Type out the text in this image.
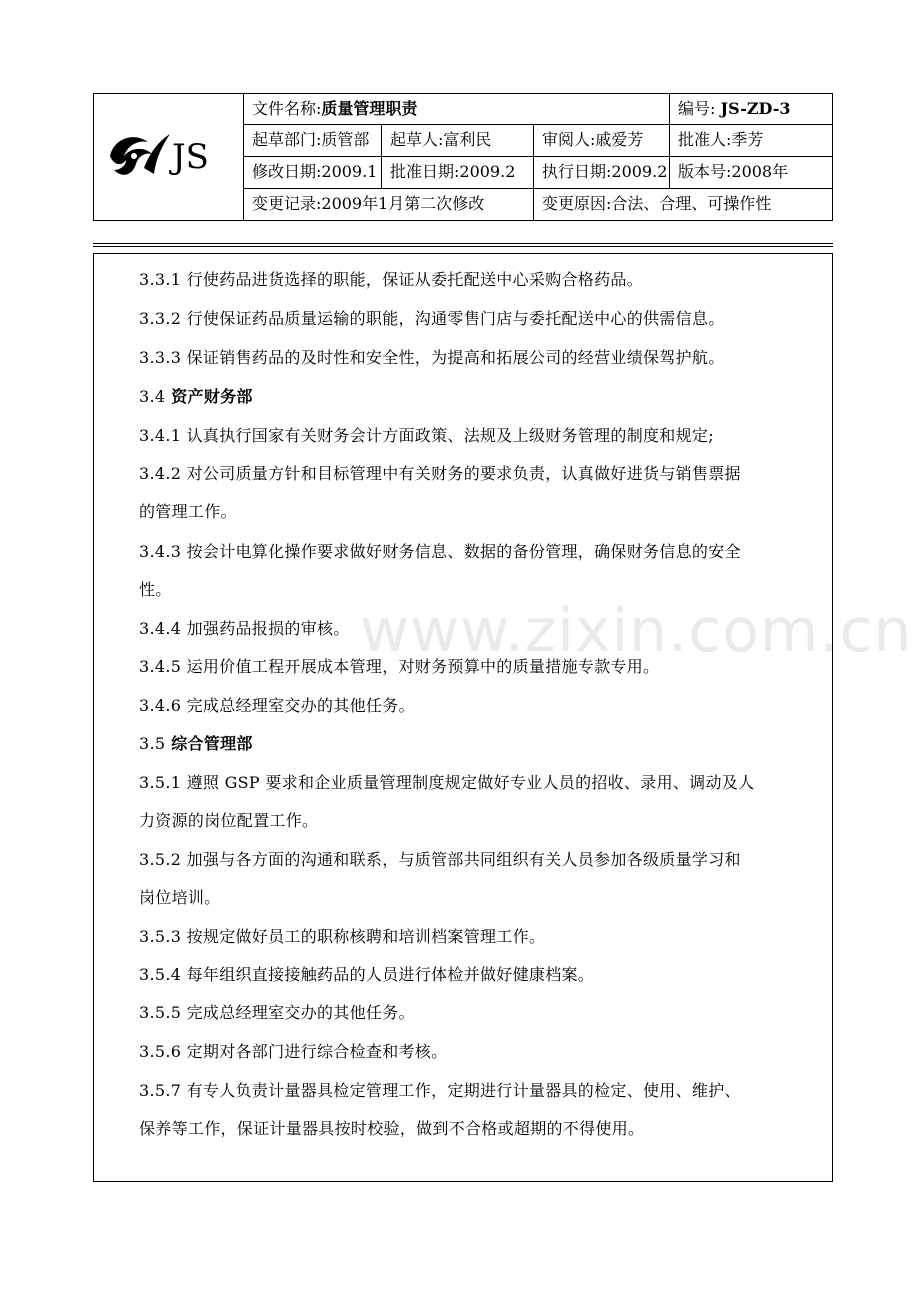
JS
文件名称:质量管理职责	编号: JS-ZD-3
起草部门:质管部	起草人:富利民	审阅人:戚爱芳	批准人:季芳
修改日期:2009.1 批准日期:2009.2	执行日期:2009.2 版本号:2008年
变更记录:2009年1月第二次修改	变更原因:合法、合理、可操作性
3.3.1 行使药品进货选择的职能，保证从委托配送中心采购合格药品。
3.3.2 行使保证药品质量运输的职能，沟通零售门店与委托配送中心的供需信息。
3.3.3 保证销售药品的及时性和安全性，为提高和拓展公司的经营业绩保驾护航。
3.4 资产财务部
3.4.1 认真执行国家有关财务会计方面政策、法规及上级财务管理的制度和规定;
3.4.2 对公司质量方针和目标管理中有关财务的要求负责，认真做好进货与销售票据
的管理工作。
3.4.3 按会计电算化操作要求做好财务信息、数据的备份管理，确保财务信息的安全
性。
3.4.4 加强药品报损的审核。
3.4.5 运用价值工程开展成本管理，对财务预算中的质量措施专款专用。
3.4.6 完成总经理室交办的其他任务。
3.5 综合管理部
3.5.1 遵照 GSP 要求和企业质量管理制度规定做好专业人员的招收、录用、调动及人
力资源的岗位配置工作。
3.5.2 加强与各方面的沟通和联系，与质管部共同组织有关人员参加各级质量学习和
岗位培训。
3.5.3 按规定做好员工的职称核聘和培训档案管理工作。
3.5.4 每年组织直接接触药品的人员进行体检并做好健康档案。
3.5.5 完成总经理室交办的其他任务。
3.5.6 定期对各部门进行综合检查和考核。
3.5.7 有专人负责计量器具检定管理工作，定期进行计量器具的检定、使用、维护、
保养等工作，保证计量器具按时校验，做到不合格或超期的不得使用。
www.zixin.com.cn
